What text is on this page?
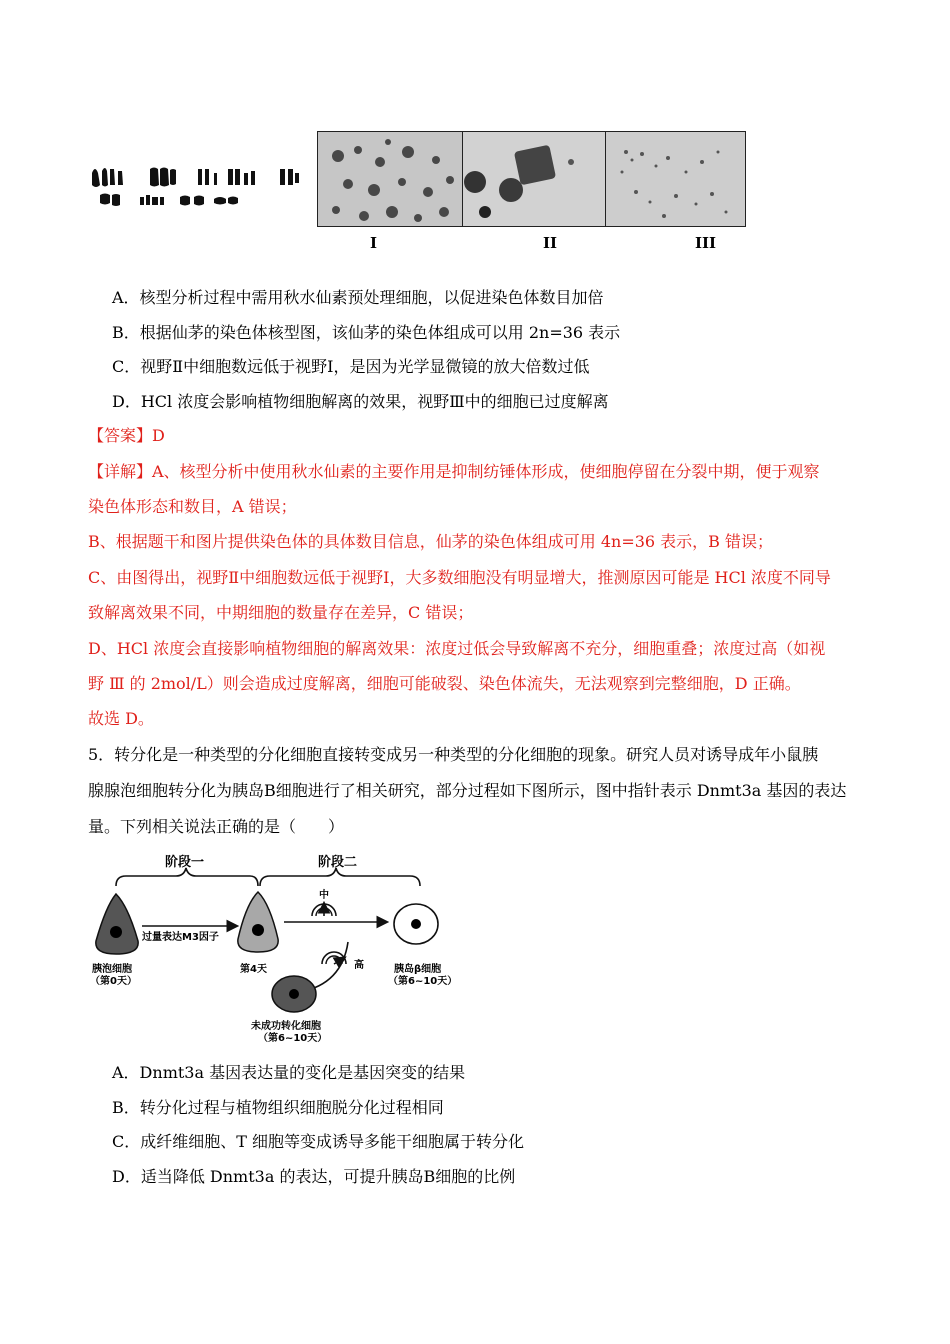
I	II	III
A．核型分析过程中需用秋水仙素预处理细胞，以促进染色体数目加倍
B．根据仙茅的染色体核型图，该仙茅的染色体组成可以用 2n=36 表示
C．视野Ⅱ中细胞数远低于视野Ⅰ，是因为光学显微镜的放大倍数过低
D．HCl 浓度会影响植物细胞解离的效果，视野Ⅲ中的细胞已过度解离
【答案】D
【详解】A、核型分析中使用秋水仙素的主要作用是抑制纺锤体形成，使细胞停留在分裂中期，便于观察
染色体形态和数目，A 错误；
B、根据题干和图片提供染色体的具体数目信息，仙茅的染色体组成可用 4n=36 表示，B 错误；
C、由图得出，视野Ⅱ中细胞数远低于视野Ⅰ，大多数细胞没有明显增大，推测原因可能是 HCl 浓度不同导
致解离效果不同，中期细胞的数量存在差异，C 错误；
D、HCl 浓度会直接影响植物细胞的解离效果：浓度过低会导致解离不充分，细胞重叠；浓度过高（如视
野 Ⅲ 的 2mol/L）则会造成过度解离，细胞可能破裂、染色体流失，无法观察到完整细胞，D 正确。
故选 D。
5．转分化是一种类型的分化细胞直接转变成另一种类型的分化细胞的现象。研究人员对诱导成年小鼠胰
腺腺泡细胞转分化为胰岛Β细胞进行了相关研究，部分过程如下图所示，图中指针表示 Dnmt3a 基因的表达
量。下列相关说法正确的是（　　）
阶段一	阶段二
过量表达M3因子
中
高
胰泡细胞
（第0天）
第4天	胰岛β细胞
（第6~10天）
未成功转化细胞
（第6~10天）
A．Dnmt3a 基因表达量的变化是基因突变的结果
B．转分化过程与植物组织细胞脱分化过程相同
C．成纤维细胞、T 细胞等变成诱导多能干细胞属于转分化
D．适当降低 Dnmt3a 的表达，可提升胰岛Β细胞的比例
